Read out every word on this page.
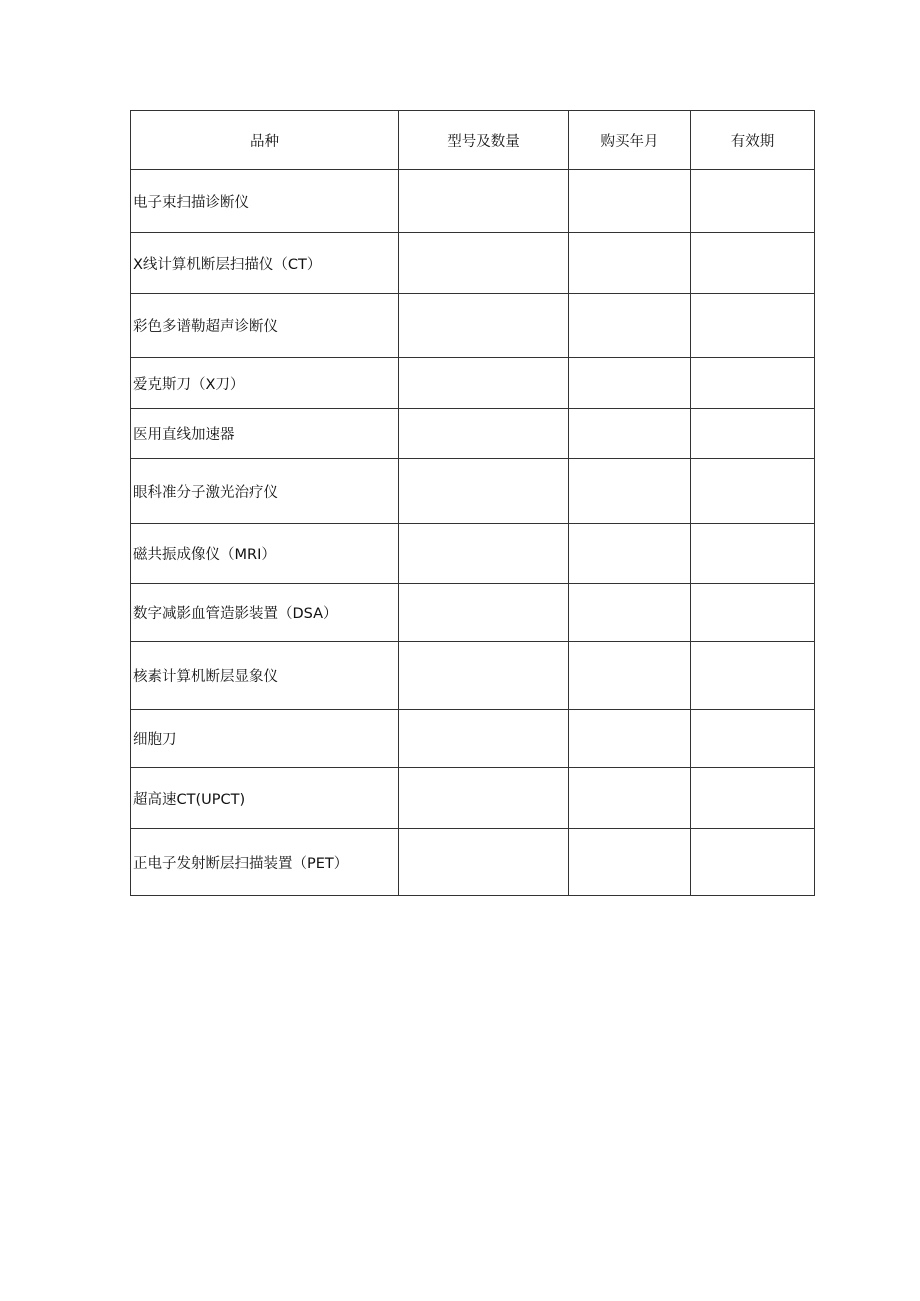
品种	型号及数量	购买年月	有效期
电子束扫描诊断仪			
X线计算机断层扫描仪（CT）			
彩色多谱勒超声诊断仪			
爱克斯刀（X刀）			
医用直线加速器			
眼科准分子激光治疗仪			
磁共振成像仪（MRI）			
数字减影血管造影装置（DSA）			
核素计算机断层显象仪			
细胞刀			
超高速CT(UPCT)			
正电子发射断层扫描装置（PET）			
